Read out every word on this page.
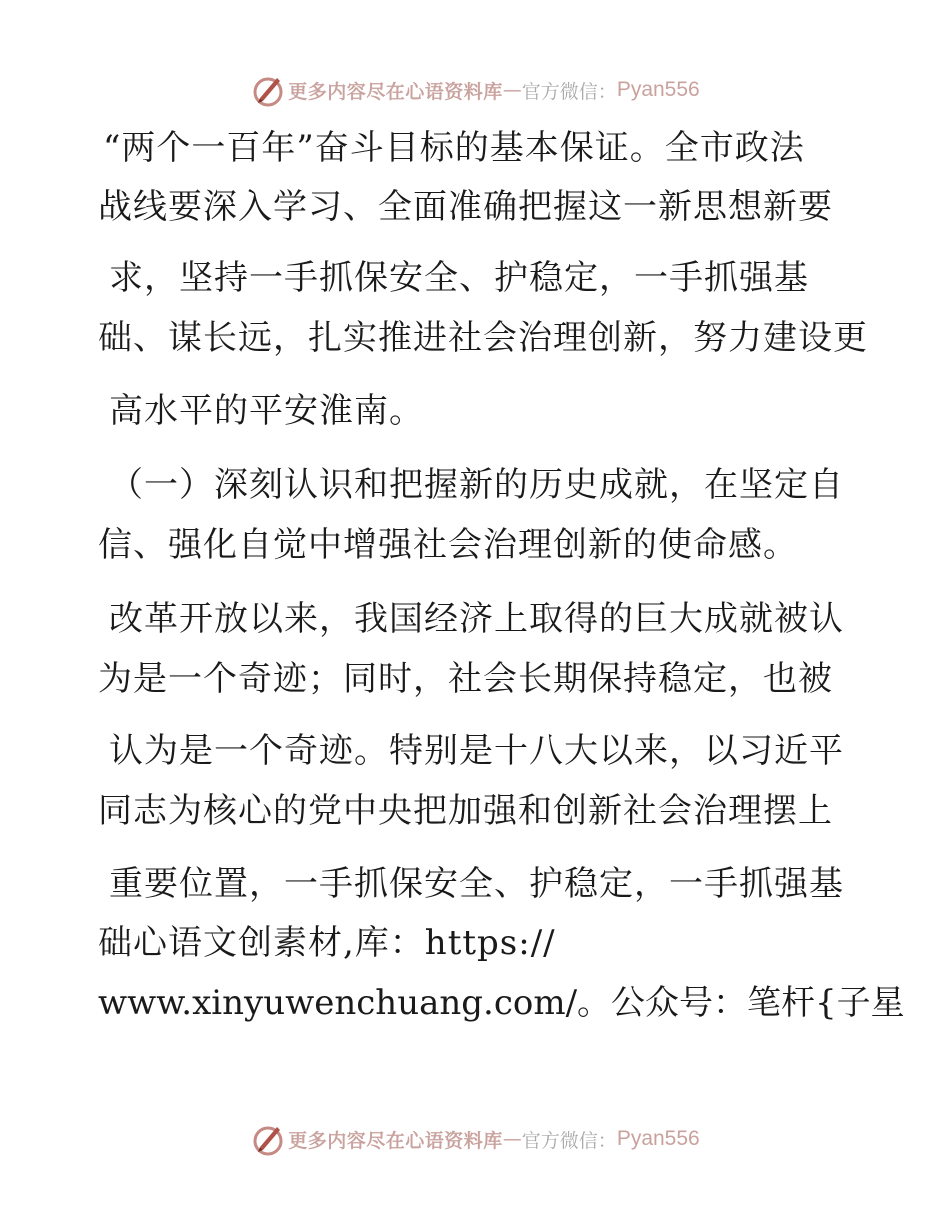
更多内容尽在心语资料库 — 官方微信： Pyan556
“两个一百年”奋斗目标的基本保证。全市政法
战线要深入学习、全面准确把握这一新思想新要
求，坚持一手抓保安全、护稳定，一手抓强基
础、谋长远，扎实推进社会治理创新，努力建设更
高水平的平安淮南。
（一）深刻认识和把握新的历史成就，在坚定自
信、强化自觉中增强社会治理创新的使命感。
改革开放以来，我国经济上取得的巨大成就被认
为是一个奇迹；同时，社会长期保持稳定，也被
认为是一个奇迹。特别是十八大以来，以习近平
同志为核心的党中央把加强和创新社会治理摆上
重要位置，一手抓保安全、护稳定，一手抓强基
础心语文创素材,库：https://
www.xinyuwenchuang.com/。公众号：笔杆{子星
更多内容尽在心语资料库 — 官方微信： Pyan556
